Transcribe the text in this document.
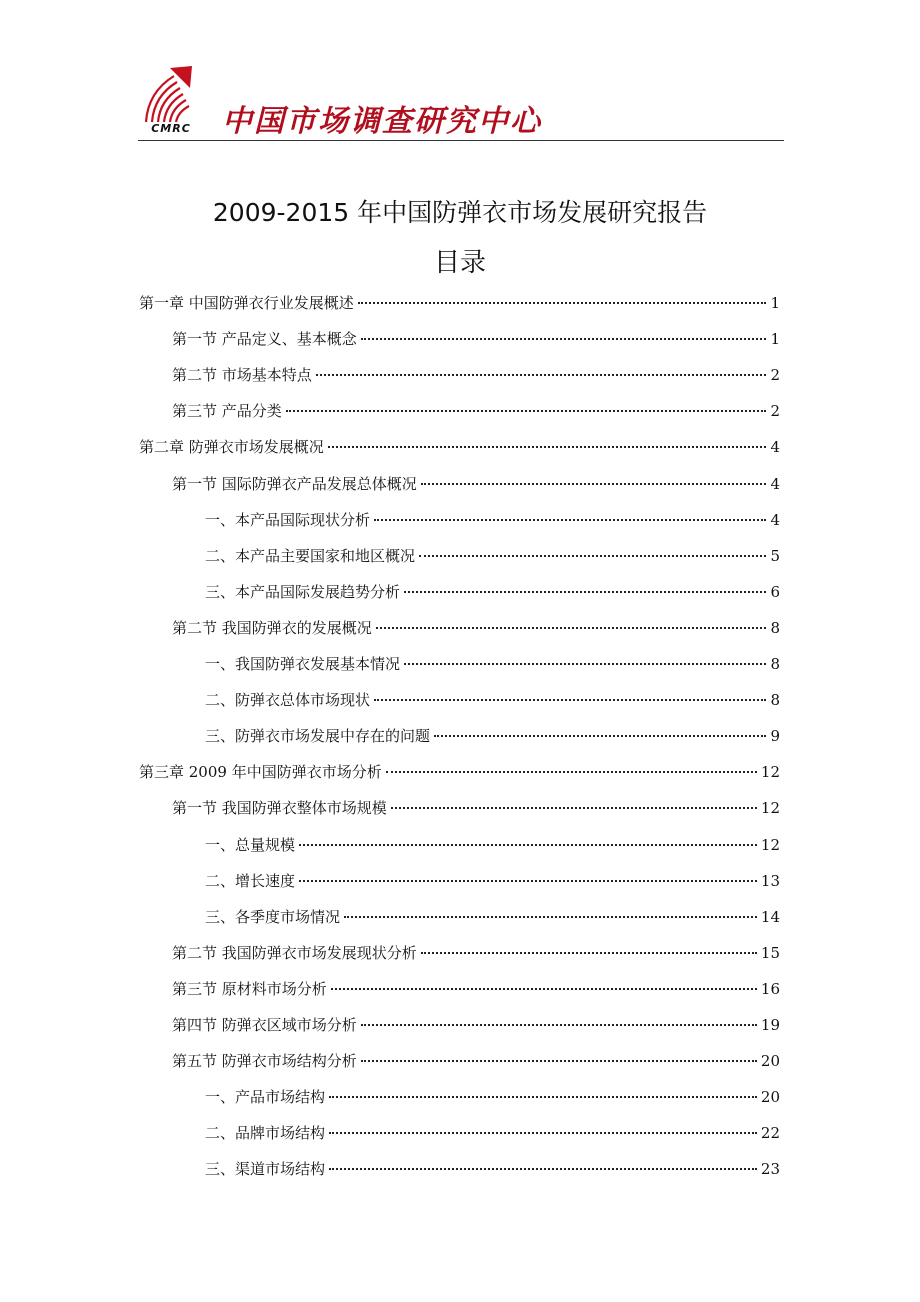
CMRC	中国市场调查研究中心
2009-2015 年中国防弹衣市场发展研究报告
目录
第一章 中国防弹衣行业发展概述	1
第一节 产品定义、基本概念	1
第二节 市场基本特点	2
第三节 产品分类	2
第二章 防弹衣市场发展概况	4
第一节 国际防弹衣产品发展总体概况	4
一、本产品国际现状分析	4
二、本产品主要国家和地区概况	5
三、本产品国际发展趋势分析	6
第二节 我国防弹衣的发展概况	8
一、我国防弹衣发展基本情况	8
二、防弹衣总体市场现状	8
三、防弹衣市场发展中存在的问题	9
第三章 2009 年中国防弹衣市场分析	12
第一节 我国防弹衣整体市场规模	12
一、总量规模	12
二、增长速度	13
三、各季度市场情况	14
第二节 我国防弹衣市场发展现状分析	15
第三节 原材料市场分析	16
第四节 防弹衣区域市场分析	19
第五节 防弹衣市场结构分析	20
一、产品市场结构	20
二、品牌市场结构	22
三、渠道市场结构	23
